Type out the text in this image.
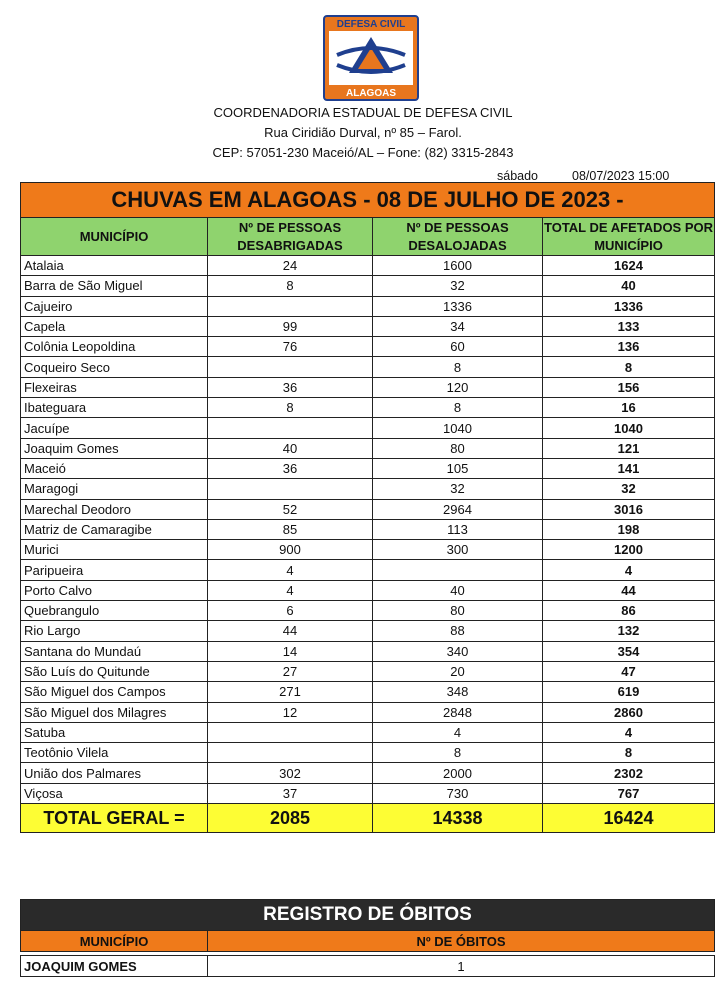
DEFESA CIVIL
ALAGOAS
COORDENADORIA ESTADUAL DE DEFESA CIVIL
Rua Ciridião Durval, nº 85 – Farol.
CEP: 57051-230 Maceió/AL – Fone: (82) 3315-2843
sábado	08/07/2023 15:00
CHUVAS EM ALAGOAS - 08 DE JULHO DE 2023 -			
MUNICÍPIO	Nº DE PESSOAS DESABRIGADAS	Nº DE PESSOAS DESALOJADAS	TOTAL DE AFETADOS POR MUNICÍPIO
Atalaia	24	1600	1624
Barra de São Miguel	8	32	40
Cajueiro		1336	1336
Capela	99	34	133
Colônia Leopoldina	76	60	136
Coqueiro Seco		8	8
Flexeiras	36	120	156
Ibateguara	8	8	16
Jacuípe		1040	1040
Joaquim Gomes	40	80	121
Maceió	36	105	141
Maragogi		32	32
Marechal Deodoro	52	2964	3016
Matriz de Camaragibe	85	113	198
Murici	900	300	1200
Paripueira	4		4
Porto Calvo	4	40	44
Quebrangulo	6	80	86
Rio Largo	44	88	132
Santana do Mundaú	14	340	354
São Luís do Quitunde	27	20	47
São Miguel dos Campos	271	348	619
São Miguel dos Milagres	12	2848	2860
Satuba		4	4
Teotônio Vilela		8	8
União dos Palmares	302	2000	2302
Viçosa	37	730	767
TOTAL GERAL =	2085	14338	16424
REGISTRO DE ÓBITOS	
MUNICÍPIO	Nº DE ÓBITOS

JOAQUIM GOMES	1
